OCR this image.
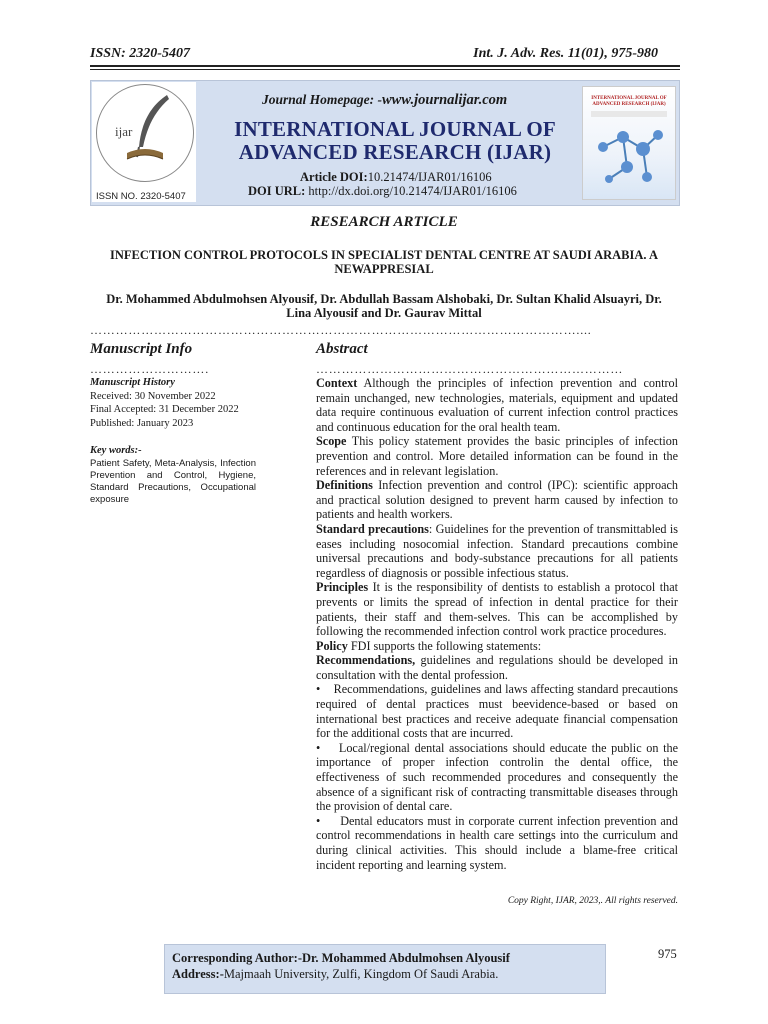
ISSN: 2320-5407	Int. J. Adv. Res. 11(01), 975-980
ijar
ISSN NO. 2320-5407
Journal Homepage: -www.journalijar.com
INTERNATIONAL JOURNAL OF
ADVANCED RESEARCH (IJAR)
Article DOI:10.21474/IJAR01/16106
DOI URL: http://dx.doi.org/10.21474/IJAR01/16106
INTERNATIONAL JOURNAL OF
ADVANCED RESEARCH (IJAR)
RESEARCH ARTICLE
INFECTION CONTROL PROTOCOLS IN SPECIALIST DENTAL CENTRE AT SAUDI ARABIA. A NEWAPPRESIAL
Dr. Mohammed Abdulmohsen Alyousif, Dr. Abdullah Bassam Alshobaki, Dr. Sultan Khalid Alsuayri, Dr. Lina Alyousif and Dr. Gaurav Mittal
……………………………………………………………………………………………………....
Manuscript Info	Abstract
……………………….	………………………………………………………………
Manuscript History
Received: 30 November 2022
Final Accepted: 31 December 2022
Published: January 2023
Key words:-
Patient Safety, Meta-Analysis, Infection Prevention and Control, Hygiene, Standard Precautions, Occupational exposure

Context Although the principles of infection prevention and control remain unchanged, new technologies, materials, equipment and updated data require continuous evaluation of current infection control practices and continuous education for the oral health team.

Scope This policy statement provides the basic principles of infection prevention and control. More detailed information can be found in the references and in relevant legislation.

Definitions Infection prevention and control (IPC): scientific approach and practical solution designed to prevent harm caused by infection to patients and health workers.

Standard precautions: Guidelines for the prevention of transmittabled is eases including nosocomial infection. Standard precautions combine universal precautions and body-substance precautions for all patients regardless of diagnosis or possible infectious status.

Principles It is the responsibility of dentists to establish a protocol that prevents or limits the spread of infection in dental practice for their patients, their staff and them-selves. This can be accomplished by following the recommended infection control work practice procedures.

Policy FDI supports the following statements:

Recommendations, guidelines and regulations should be developed in consultation with the dental profession.

•    Recommendations, guidelines and laws affecting standard precautions required of dental practices must beevidence-based or based on international best practices and receive adequate financial compensation for the additional costs that are incurred.

•    Local/regional dental associations should educate the public on the importance of proper infection controlin the dental office, the effectiveness of such recommended procedures and consequently the absence of a significant risk of contracting transmittable diseases through the provision of dental care.

•     Dental educators must in corporate current infection prevention and control recommendations in health care settings into the curriculum and during clinical activities. This should include a blame-free critical incident reporting and learning system.

Copy Right, IJAR, 2023,. All rights reserved.
Corresponding Author:-Dr. Mohammed Abdulmohsen Alyousif
Address:-Majmaah University, Zulfi, Kingdom Of Saudi Arabia.
975
